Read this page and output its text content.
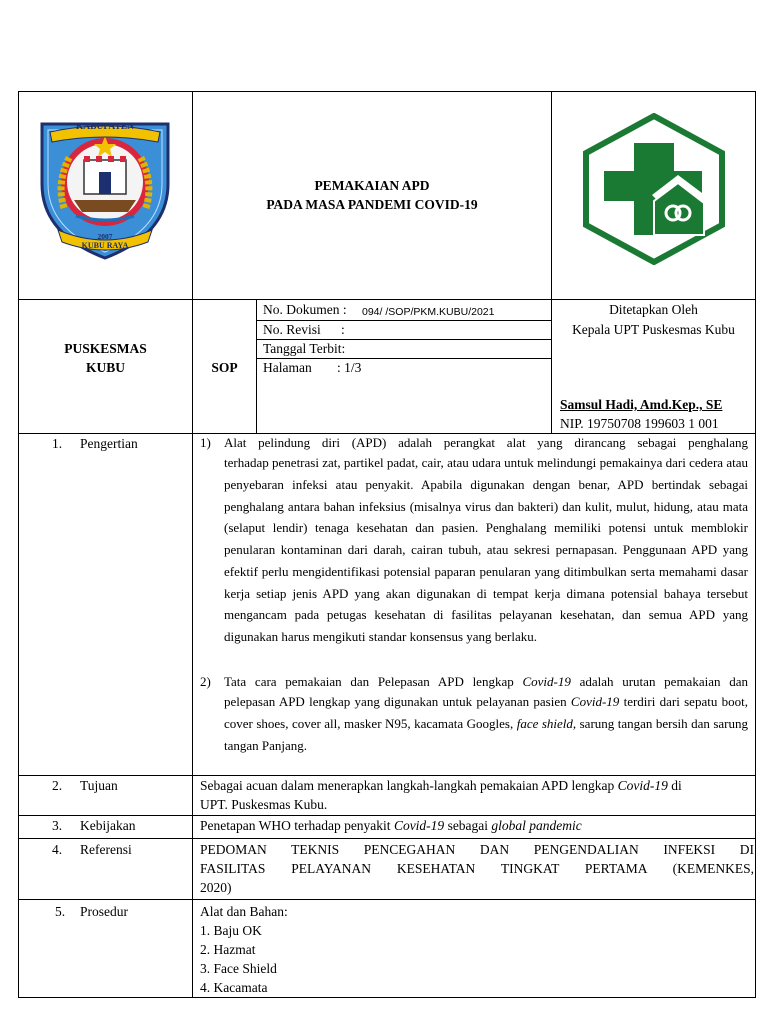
KABUPATEN
2007
KUBU RAYA
PEMAKAIAN APD
PADA MASA PANDEMI COVID-19
PUSKESMAS
KUBU	SOP
No. Dokumen : 094/ /SOP/PKM.KUBU/2021
No. Revisi :
Tanggal Terbit:
Halaman : 1/3
Ditetapkan Oleh
Kepala UPT Puskesmas Kubu
Samsul Hadi, Amd.Kep., SE
NIP. 19750708 199603 1 001
1. Pengertian	1) Alat pelindung diri (APD) adalah perangkat alat yang dirancang sebagai penghalang
terhadap penetrasi zat, partikel padat, cair, atau udara untuk melindungi pemakainya dari cedera atau penyebaran infeksi atau penyakit. Apabila digunakan dengan benar, APD bertindak sebagai penghalang antara bahan infeksius (misalnya virus dan bakteri) dan kulit, mulut, hidung, atau mata (selaput lendir) tenaga kesehatan dan pasien. Penghalang memiliki potensi untuk memblokir penularan kontaminan dari darah, cairan tubuh, atau sekresi pernapasan. Penggunaan APD yang efektif perlu mengidentifikasi potensial paparan penularan yang ditimbulkan serta memahami dasar kerja setiap jenis APD yang akan digunakan di tempat kerja dimana potensial bahaya tersebut mengancam pada petugas kesehatan di fasilitas pelayanan kesehatan, dan semua APD yang digunakan harus mengikuti standar konsensus yang berlaku.
2) Tata cara pemakaian dan Pelepasan APD lengkap Covid-19 adalah urutan pemakaian dan
pelepasan APD lengkap yang digunakan untuk pelayanan pasien Covid-19 terdiri dari sepatu boot, cover shoes, cover all, masker N95, kacamata Googles, face shield, sarung tangan bersih dan sarung tangan Panjang.
2. Tujuan	Sebagai acuan dalam menerapkan langkah-langkah pemakaian APD lengkap Covid-19 di
UPT. Puskesmas Kubu.
3. Kebijakan	Penetapan WHO terhadap penyakit Covid-19 sebagai global pandemic
4. Referensi	PEDOMAN TEKNIS PENCEGAHAN DAN PENGENDALIAN INFEKSI DI
FASILITAS PELAYANAN KESEHATAN TINGKAT PERTAMA (KEMENKES,
2020)
5. Prosedur	Alat dan Bahan:
1. Baju OK
2. Hazmat
3. Face Shield
4. Kacamata
